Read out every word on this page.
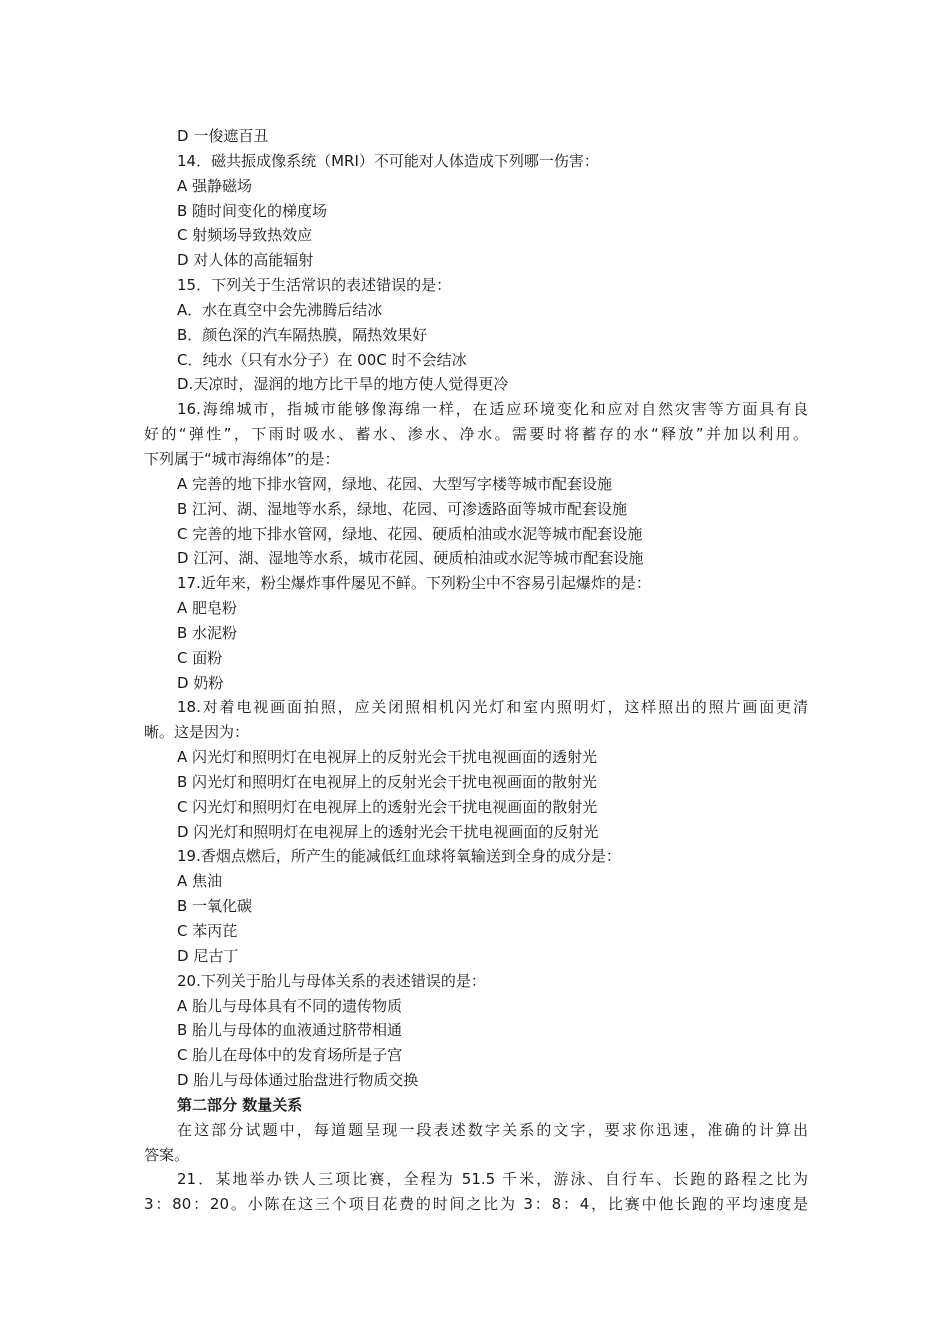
D 一俊遮百丑
14．磁共振成像系统（MRI）不可能对人体造成下列哪一伤害：
A 强静磁场
B 随时间变化的梯度场
C 射频场导致热效应
D 对人体的高能辐射
15．下列关于生活常识的表述错误的是：
A．水在真空中会先沸腾后结冰
B．颜色深的汽车隔热膜，隔热效果好
C．纯水（只有水分子）在 00C 时不会结冰
D.天凉时，湿润的地方比干旱的地方使人觉得更冷
16.海绵城市，指城市能够像海绵一样，在适应环境变化和应对自然灾害等方面具有良
好的“弹性”，下雨时吸水、蓄水、渗水、净水。需要时将蓄存的水“释放”并加以利用。
下列属于“城市海绵体”的是：
A 完善的地下排水管网，绿地、花园、大型写字楼等城市配套设施
B 江河、湖、湿地等水系，绿地、花园、可渗透路面等城市配套设施
C 完善的地下排水管网，绿地、花园、硬质柏油或水泥等城市配套设施
D 江河、湖、湿地等水系，城市花园、硬质柏油或水泥等城市配套设施
17.近年来，粉尘爆炸事件屡见不鲜。下列粉尘中不容易引起爆炸的是：
A 肥皂粉
B 水泥粉
C 面粉
D 奶粉
18.对着电视画面拍照，应关闭照相机闪光灯和室内照明灯，这样照出的照片画面更清
晰。这是因为：
A 闪光灯和照明灯在电视屏上的反射光会干扰电视画面的透射光
B 闪光灯和照明灯在电视屏上的反射光会干扰电视画面的散射光
C 闪光灯和照明灯在电视屏上的透射光会干扰电视画面的散射光
D 闪光灯和照明灯在电视屏上的透射光会干扰电视画面的反射光
19.香烟点燃后，所产生的能减低红血球将氧输送到全身的成分是：
A 焦油
B 一氧化碳
C 苯丙芘
D 尼古丁
20.下列关于胎儿与母体关系的表述错误的是：
A 胎儿与母体具有不同的遗传物质
B 胎儿与母体的血液通过脐带相通
C 胎儿在母体中的发育场所是子宫
D 胎儿与母体通过胎盘进行物质交换
第二部分 数量关系
在这部分试题中，每道题呈现一段表述数字关系的文字，要求你迅速，准确的计算出
答案。
21．某地举办铁人三项比赛，全程为 51.5 千米，游泳、自行车、长跑的路程之比为
3：80：20。小陈在这三个项目花费的时间之比为 3：8：4，比赛中他长跑的平均速度是
